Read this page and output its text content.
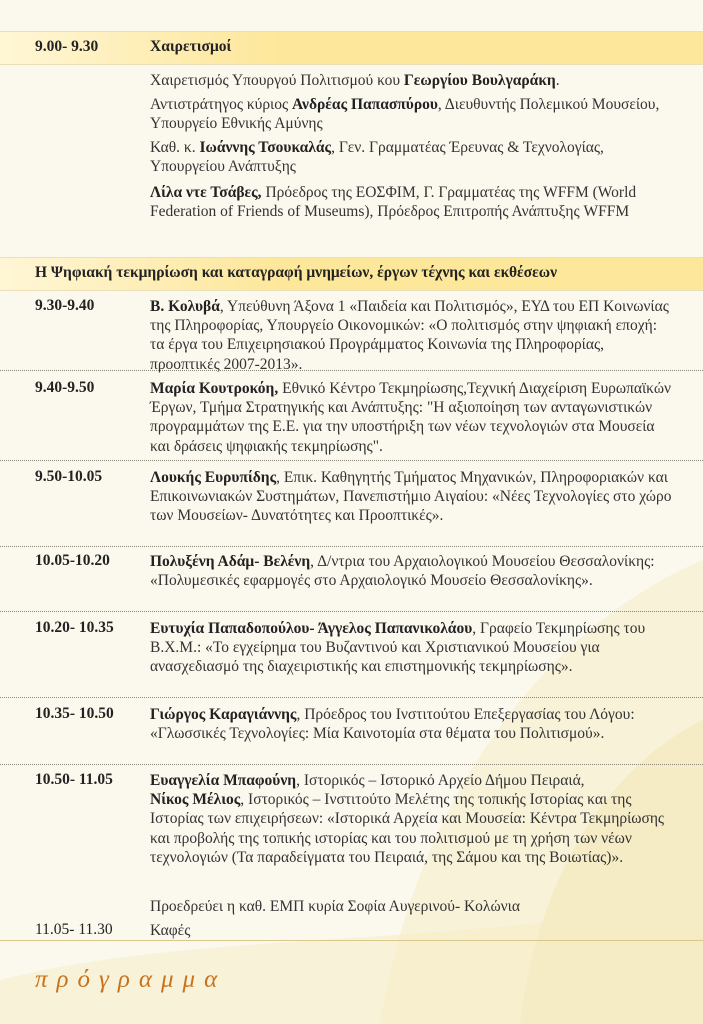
9.00- 9.30	Χαιρετισμοί

Χαιρετισμός Υπουργού Πολιτισμού κου Γεωργίου Βουλγαράκη.

Αντιστράτηγος κύριος Ανδρέας Παπασπύρου, Διευθυντής Πολεμικού Μουσείου, Υπουργείο Εθνικής Αμύνης

Καθ. κ. Ιωάννης Τσουκαλάς, Γεν. Γραμματέας Έρευνας & Τεχνολογίας, Υπουργείου Ανάπτυξης

Λίλα ντε Τσάβες, Πρόεδρος της ΕΟΣΦΙΜ, Γ. Γραμματέας της WFFM (World Federation of Friends of Museums), Πρόεδρος Επιτροπής Ανάπτυξης WFFM

Η Ψηφιακή τεκμηρίωση και καταγραφή μνημείων, έργων τέχνης και εκθέσεων
9.30-9.40	Β. Κολυβά, Υπεύθυνη Άξονα 1 «Παιδεία και Πολιτισμός», ΕΥΔ του ΕΠ Κοινωνίας της Πληροφορίας, Υπουργείο Οικονομικών: «Ο πολιτισμός στην ψηφιακή εποχή: τα έργα του Επιχειρησιακού Προγράμματος Κοινωνία της Πληροφορίας, προοπτικές 2007-2013».

9.40-9.50	Μαρία Κουτροκόη, Εθνικό Κέντρο Τεκμηρίωσης,Τεχνική Διαχείριση Ευρωπαϊκών Έργων, Τμήμα Στρατηγικής και Ανάπτυξης: "Η αξιοποίηση των ανταγωνιστικών προγραμμάτων της Ε.Ε. για την υποστήριξη των νέων τεχνολογιών στα Μουσεία και δράσεις ψηφιακής τεκμηρίωσης".

9.50-10.05	Λουκής Ευρυπίδης, Επικ. Καθηγητής Τμήματος Μηχανικών, Πληροφοριακών και Επικοινωνιακών Συστημάτων, Πανεπιστήμιο Αιγαίου: «Νέες Τεχνολογίες στο χώρο των Μουσείων- Δυνατότητες και Προοπτικές».

10.05-10.20	Πολυξένη Αδάμ- Βελένη, Δ/ντρια του Αρχαιολογικού Μουσείου Θεσσαλονίκης: «Πολυμεσικές εφαρμογές στο Αρχαιολογικό Μουσείο Θεσσαλονίκης».

10.20- 10.35 Ευτυχία Παπαδοπούλου- Άγγελος Παπανικολάου, Γραφείο Τεκμηρίωσης του Β.Χ.Μ.: «Το εγχείρημα του Βυζαντινού και Χριστιανικού Μουσείου για ανασχεδιασμό της διαχειριστικής και επιστημονικής τεκμηρίωσης».

10.35- 10.50 Γιώργος Καραγιάννης, Πρόεδρος του Ινστιτούτου Επεξεργασίας του Λόγου: «Γλωσσικές Τεχνολογίες: Μία Καινοτομία στα θέματα του Πολιτισμού».

10.50- 11.05 Ευαγγελία Μπαφούνη, Ιστορικός – Ιστορικό Αρχείο Δήμου Πειραιά,
Νίκος Μέλιος, Ιστορικός – Ινστιτούτο Μελέτης της τοπικής Ιστορίας και της Ιστορίας των επιχειρήσεων: «Ιστορικά Αρχεία και Μουσεία: Κέντρα Τεκμηρίωσης και προβολής της τοπικής ιστορίας και του πολιτισμού με τη χρήση των νέων τεχνολογιών (Τα παραδείγματα του Πειραιά, της Σάμου και της Βοιωτίας)».

Προεδρεύει η καθ. ΕΜΠ κυρία Σοφία Αυγερινού- Κολώνια

11.05- 11.30 Καφές
πρόγραμμα
